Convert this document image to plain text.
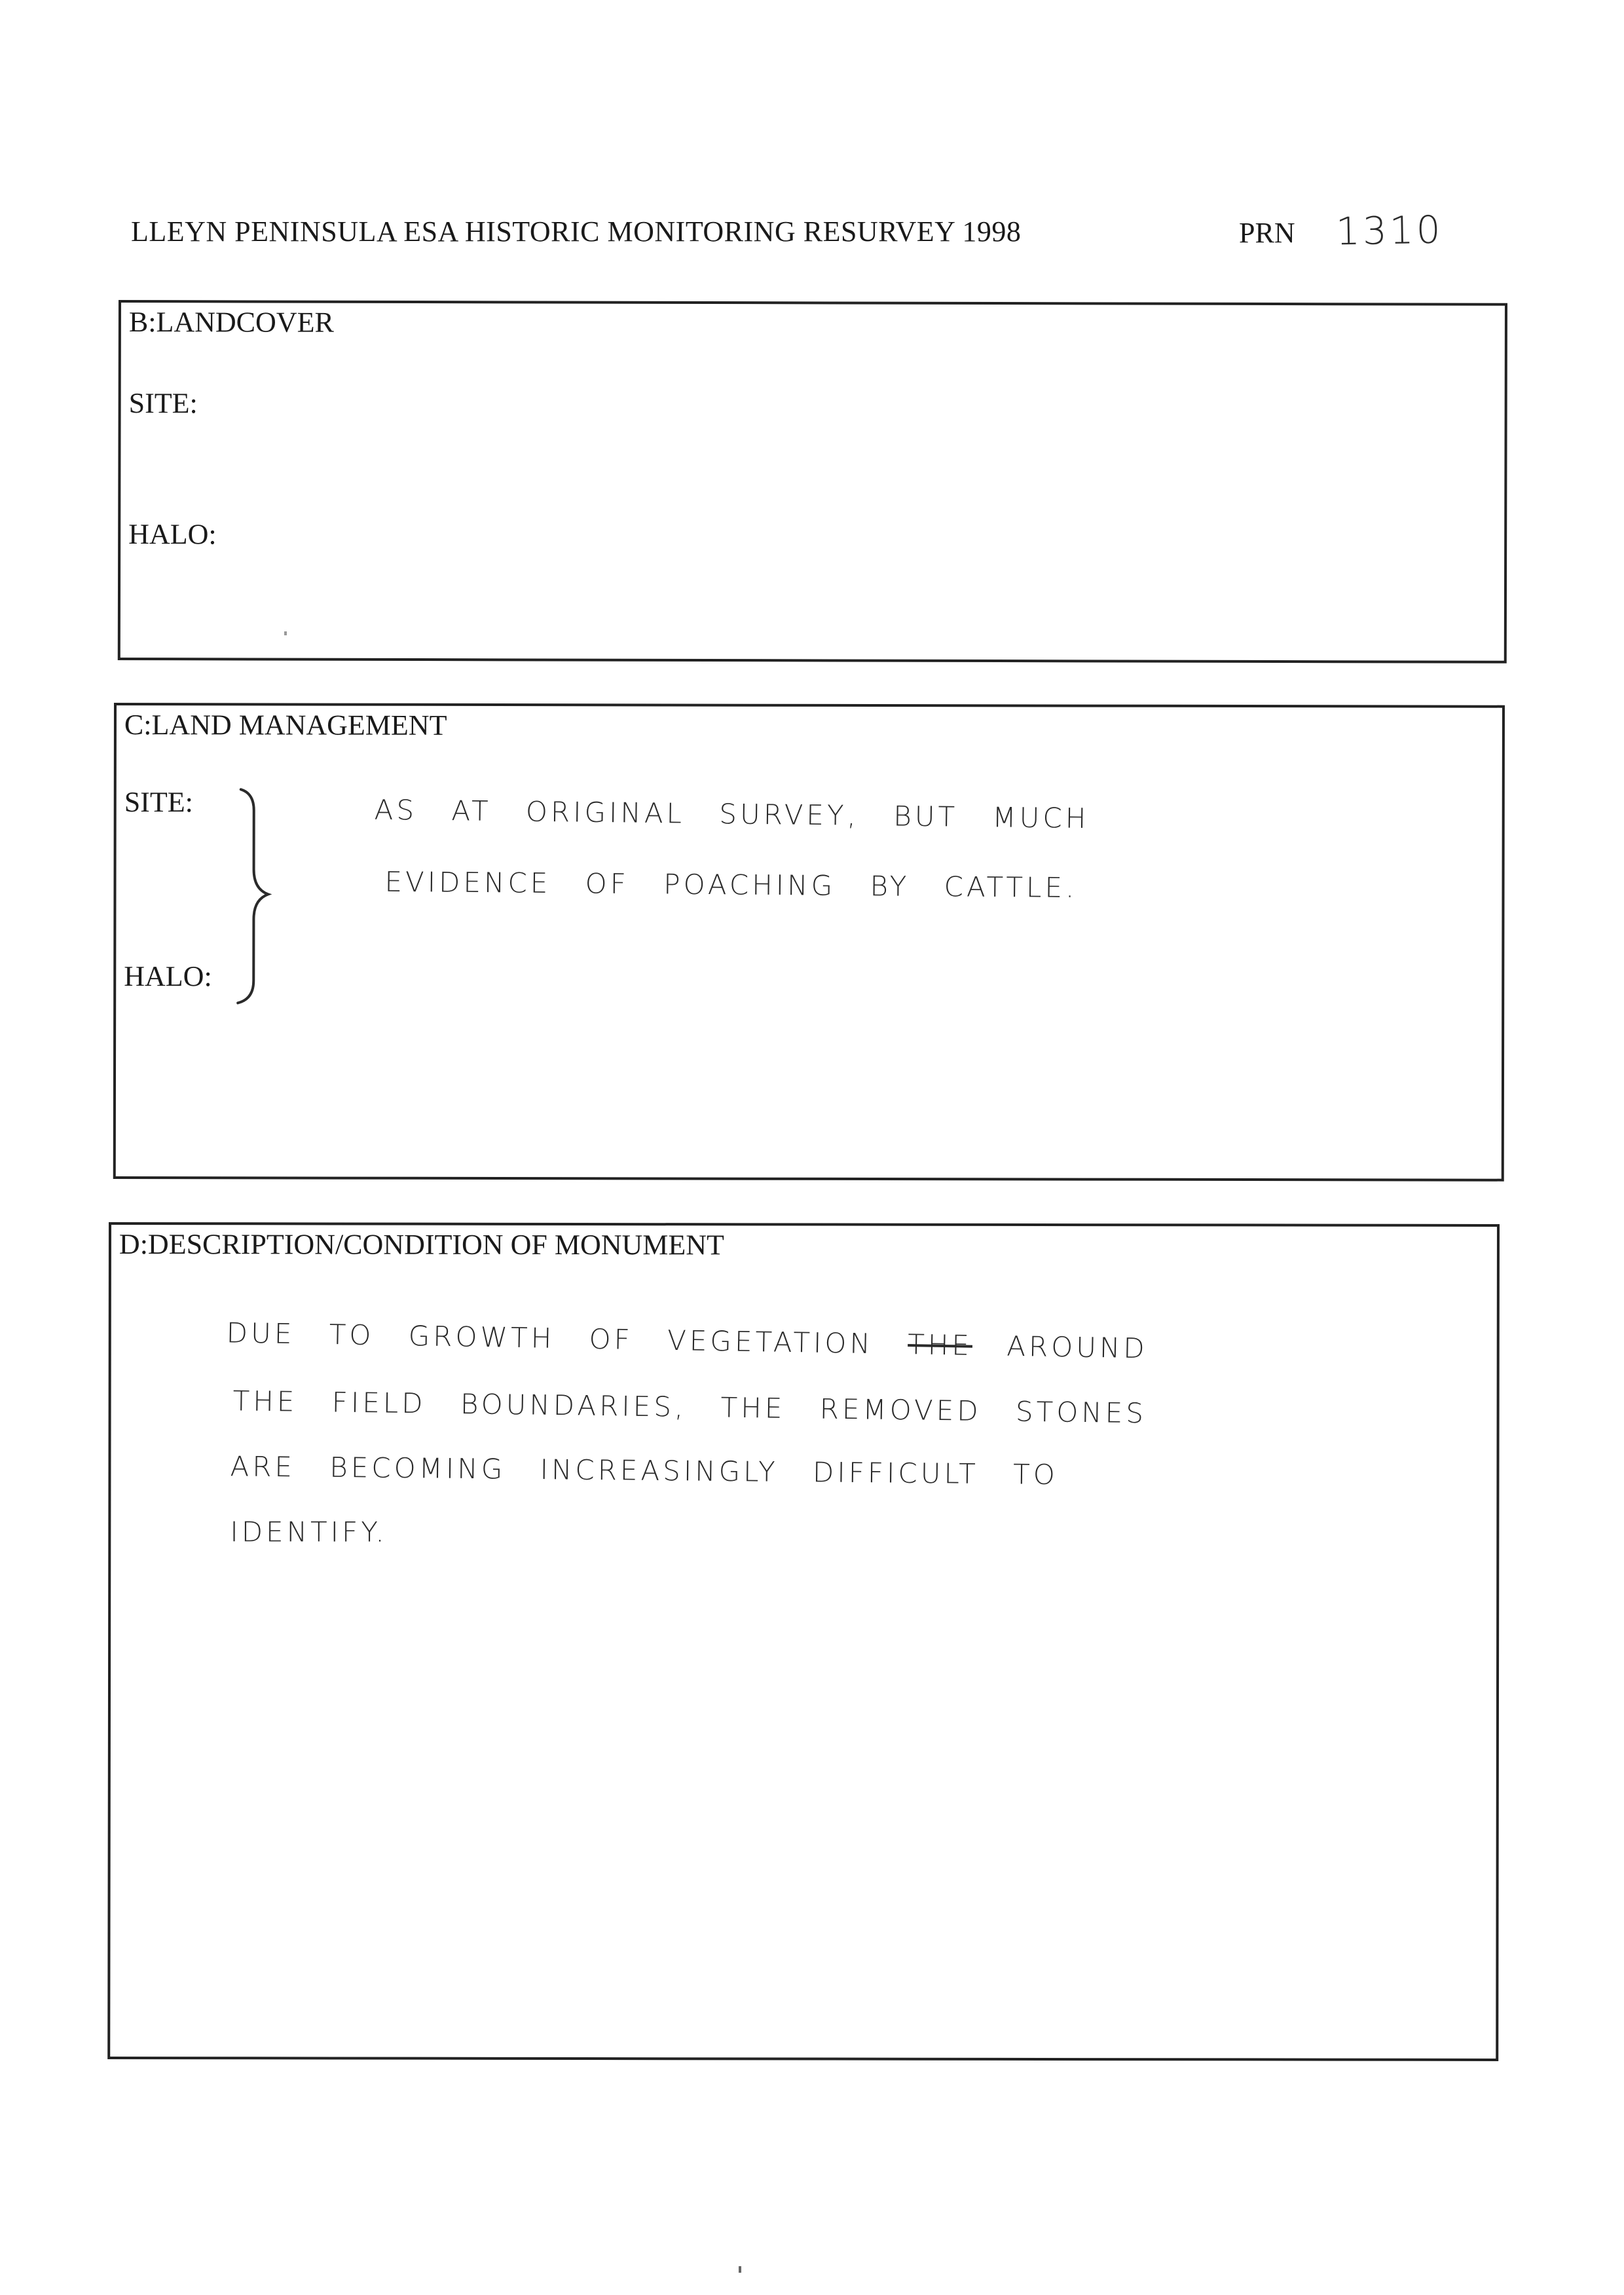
LLEYN PENINSULA ESA HISTORIC MONITORING RESURVEY 1998	PRN 1310
B:LANDCOVER
SITE:
HALO:
C:LAND MANAGEMENT
SITE:
HALO:
AS AT ORIGINAL SURVEY, BUT MUCH
EVIDENCE OF POACHING BY CATTLE.
D:DESCRIPTION/CONDITION OF MONUMENT
DUE TO GROWTH OF VEGETATION THE AROUND
THE FIELD BOUNDARIES, THE REMOVED STONES
ARE BECOMING INCREASINGLY DIFFICULT TO
IDENTIFY.
